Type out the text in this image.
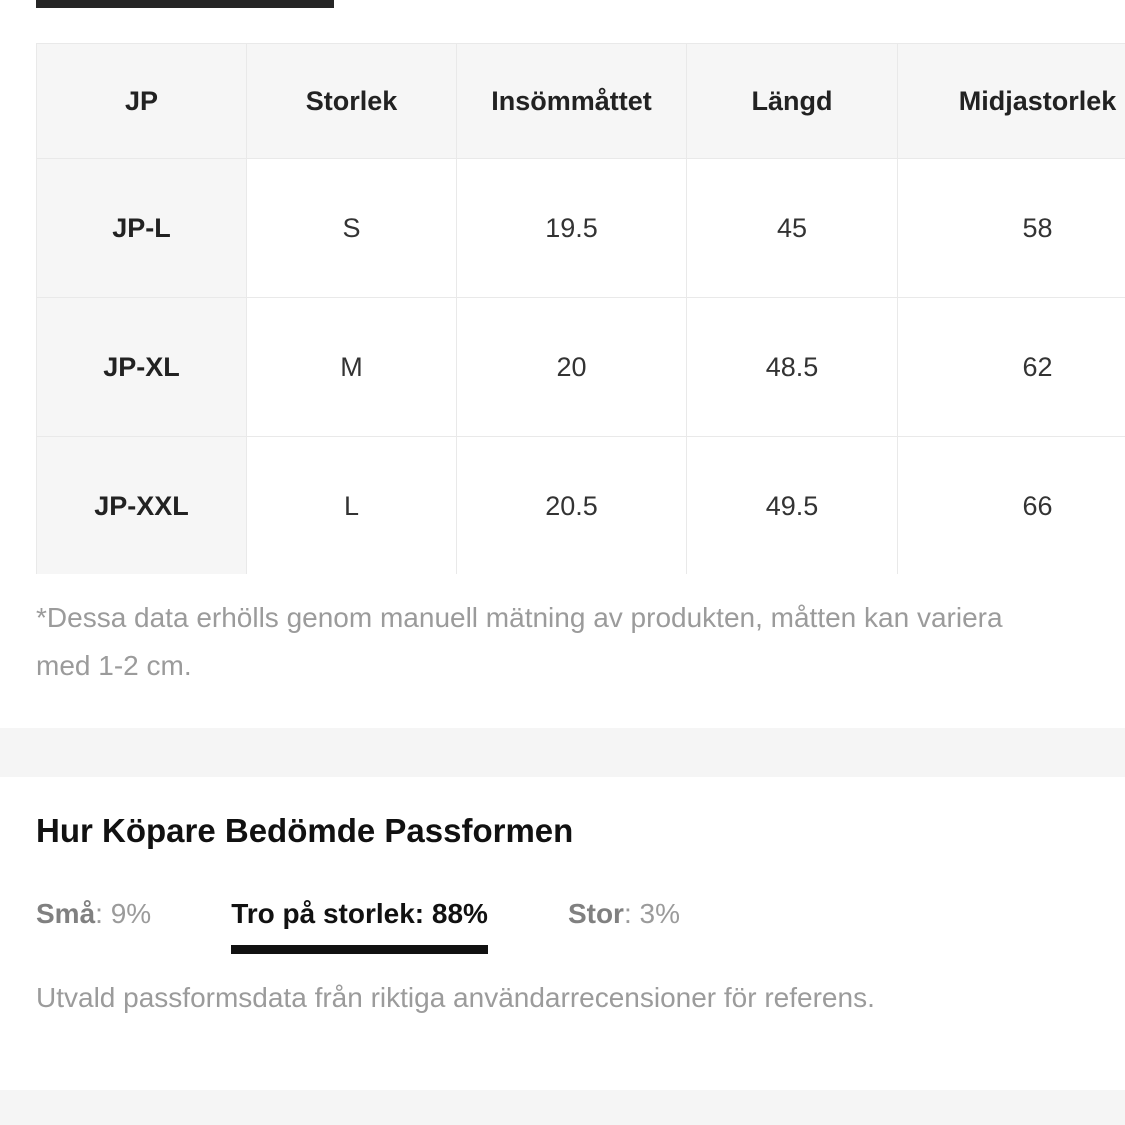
JP	Storlek	Insömmåttet	Längd	Midjastorlek
JP-L	S	19.5	45	58
JP-XL	M	20	48.5	62
JP-XXL	L	20.5	49.5	66
*Dessa data erhölls genom manuell mätning av produkten, måtten kan variera med 1-2 cm.
Hur Köpare Bedömde Passformen
Små: 9%	Tro på storlek: 88%	Stor: 3%
Utvald passformsdata från riktiga användarrecensioner för referens.
